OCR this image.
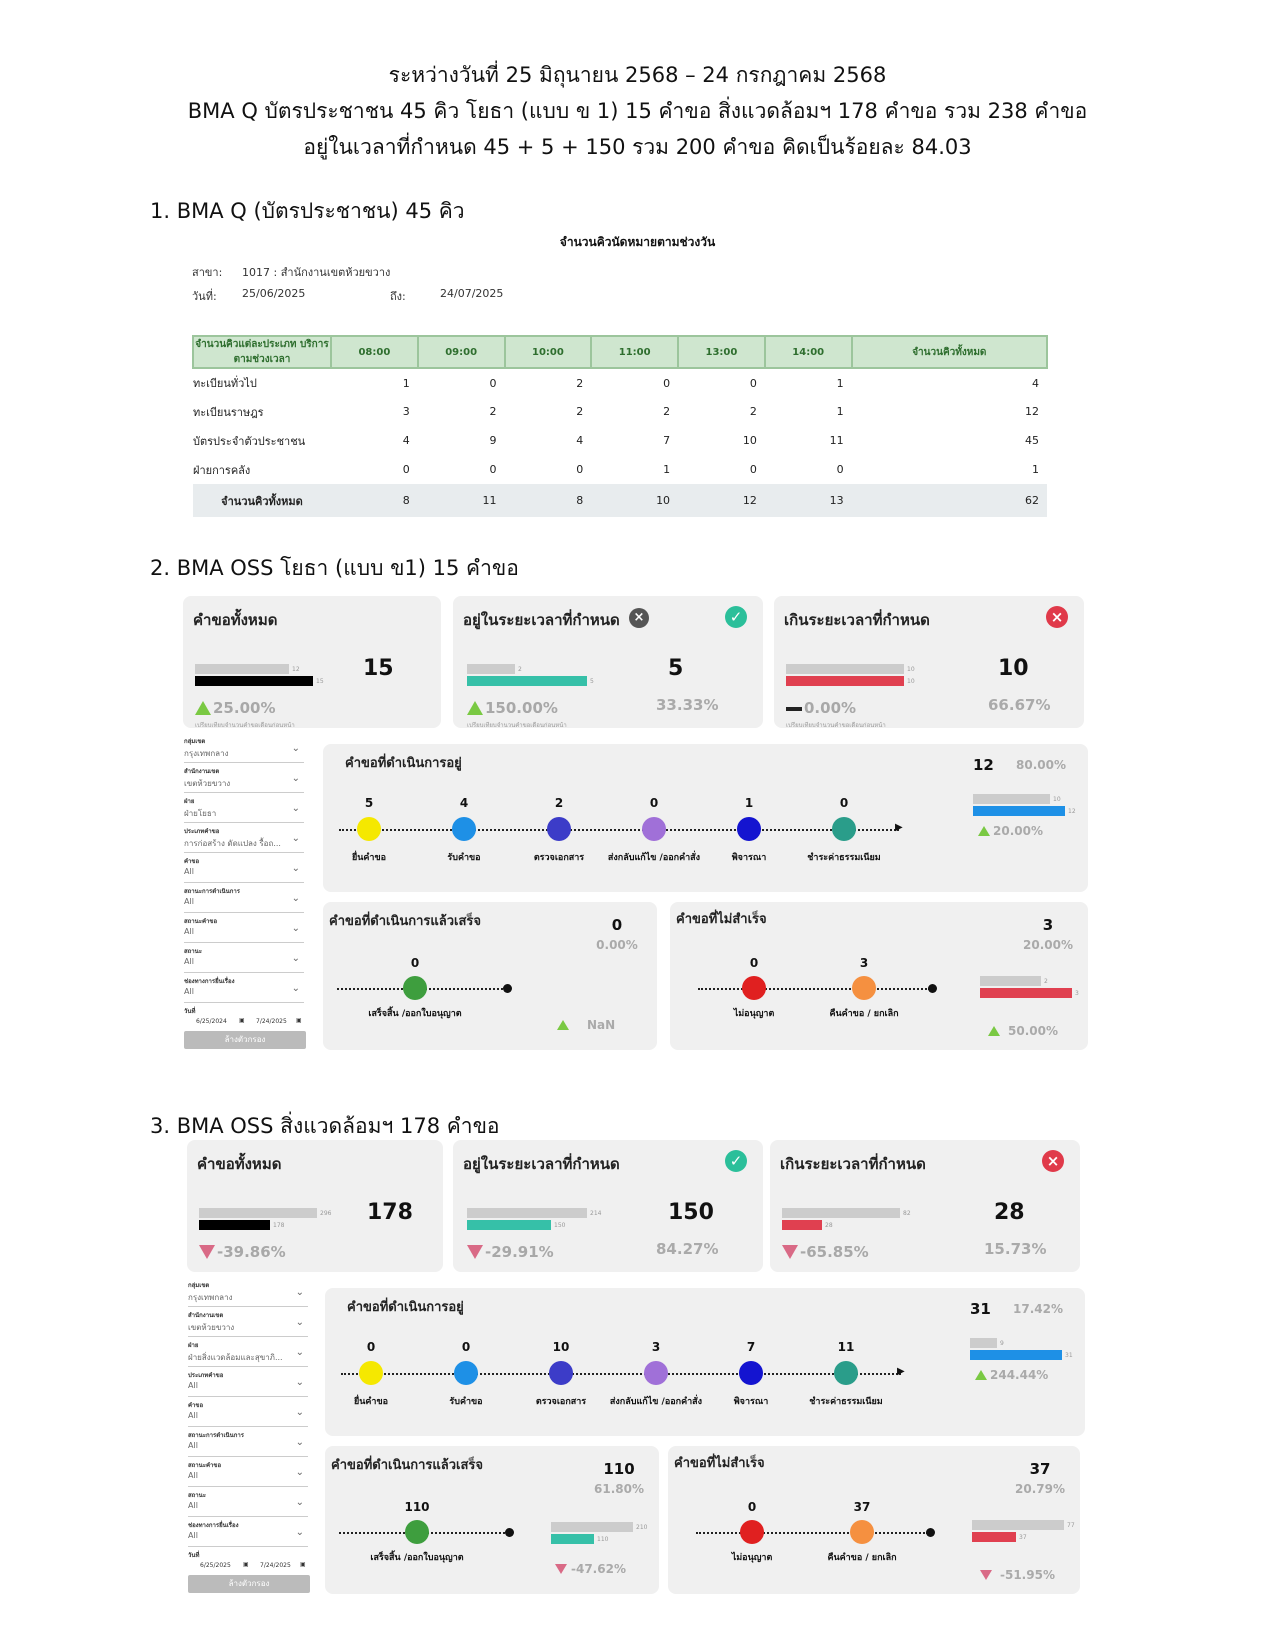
ระหว่างวันที่ 25 มิถุนายน 2568 – 24 กรกฎาคม 2568
BMA Q บัตรประชาชน 45 คิว โยธา (แบบ ข 1) 15 คำขอ สิ่งแวดล้อมฯ 178 คำขอ รวม 238 คำขอ
อยู่ในเวลาที่กำหนด 45 + 5 + 150 รวม 200 คำขอ คิดเป็นร้อยละ 84.03
1. BMA Q (บัตรประชาชน) 45 คิว
จำนวนคิวนัดหมายตามช่วงวัน
สาขา: 1017 : สำนักงานเขตห้วยขวาง
วันที่: 25/06/2025	ถึง:	24/07/2025
จำนวนคิวแต่ละประเภท บริการตามช่วงเวลา	08:00	09:00	10:00	11:00	13:00	14:00	จำนวนคิวทั้งหมด
ทะเบียนทั่วไป	1	0	2	0	0	1	4
ทะเบียนราษฎร	3	2	2	2	2	1	12
บัตรประจำตัวประชาชน	4	9	4	7	10	11	45
ฝ่ายการคลัง	0	0	0	1	0	0	1
จำนวนคิวทั้งหมด	8	11	8	10	12	13	62
2. BMA OSS โยธา (แบบ ข1) 15 คำขอ
คำขอทั้งหมด
15
12
15
25.00%
เปรียบเทียบจำนวนคำขอเดือนก่อนหน้า
อยู่ในระยะเวลาที่กำหนด	×	✓
5
33.33%
2
5
150.00%
เปรียบเทียบจำนวนคำขอเดือนก่อนหน้า
เกินระยะเวลาที่กำหนด	×
10
66.67%
10
10
0.00%
เปรียบเทียบจำนวนคำขอเดือนก่อนหน้า
กลุ่มเขต
กรุงเทพกลาง	⌄
สำนักงานเขต
เขตห้วยขวาง	⌄
ฝ่าย
ฝ่ายโยธา	⌄
ประเภทคำขอ
การก่อสร้าง ดัดแปลง รื้อถ... ⌄
คำขอ
All	⌄
สถานะการดำเนินการ
All	⌄
สถานะคำขอ
All	⌄
สถานะ
All	⌄
ช่องทางการยื่นเรื่อง
All	⌄
วันที่
6/25/2024 ▣ 7/24/2025 ▣
ล้างตัวกรอง
คำขอที่ดำเนินการอยู่	12 80.00%
▶
5
ยื่นคำขอ
4
รับคำขอ
2
ตรวจเอกสาร
0
ส่งกลับแก้ไข /ออกคำสั่ง
1
พิจารณา
0
ชำระค่าธรรมเนียม
10
12
20.00%
คำขอที่ดำเนินการแล้วเสร็จ	0
0.00%
0
เสร็จสิ้น /ออกใบอนุญาต
NaN
คำขอที่ไม่สำเร็จ	3
20.00%
0
ไม่อนุญาต
3
คืนคำขอ / ยกเลิก
2
3
50.00%
3. BMA OSS สิ่งแวดล้อมฯ 178 คำขอ
คำขอทั้งหมด
178
296
178
-39.86%
อยู่ในระยะเวลาที่กำหนด	✓
150
84.27%
214
150
-29.91%
เกินระยะเวลาที่กำหนด	×
28
15.73%
82
28
-65.85%
กลุ่มเขต
กรุงเทพกลาง	⌄
สำนักงานเขต
เขตห้วยขวาง	⌄
ฝ่าย
ฝ่ายสิ่งแวดล้อมและสุขาภิ... ⌄
ประเภทคำขอ
All	⌄
คำขอ
All	⌄
สถานะการดำเนินการ
All	⌄
สถานะคำขอ
All	⌄
สถานะ
All	⌄
ช่องทางการยื่นเรื่อง
All	⌄
วันที่
6/25/2025 ▣ 7/24/2025 ▣
ล้างตัวกรอง
คำขอที่ดำเนินการอยู่	31 17.42%
▶
0
ยื่นคำขอ
0
รับคำขอ
10
ตรวจเอกสาร
3
ส่งกลับแก้ไข /ออกคำสั่ง
7
พิจารณา
11
ชำระค่าธรรมเนียม
9
31
244.44%
คำขอที่ดำเนินการแล้วเสร็จ	110
61.80%
110
เสร็จสิ้น /ออกใบอนุญาต
210
110
-47.62%
คำขอที่ไม่สำเร็จ	37
20.79%
0
ไม่อนุญาต
37
คืนคำขอ / ยกเลิก
77
37
-51.95%
